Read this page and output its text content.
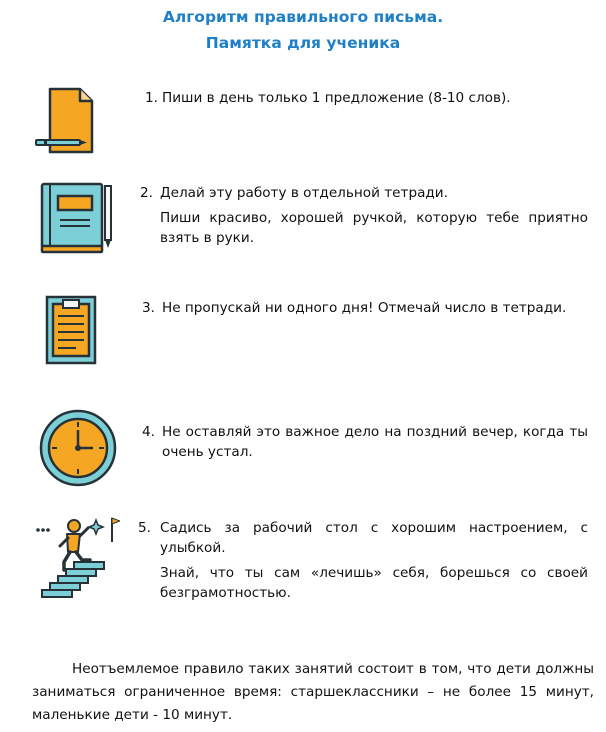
Алгоритм правильного письма.
Памятка для ученика
1. Пиши в день только 1 предложение (8-10 слов).
2. Делай эту работу в отдельной тетради.
Пиши красиво, хорошей ручкой, которую тебе приятно взять в руки.
3. Не пропускай ни одного дня! Отмечай число в тетради.
4. Не оставляй это важное дело на поздний вечер, когда ты очень устал.
5. Садись за рабочий стол с хорошим настроением, с улыбкой.
Знай, что ты сам «лечишь» себя, борешься со своей безграмотностью.
Неотъемлемое правило таких занятий состоит в том, что дети должны заниматься ограниченное время: старшеклассники – не более 15 минут, маленькие дети - 10 минут.
